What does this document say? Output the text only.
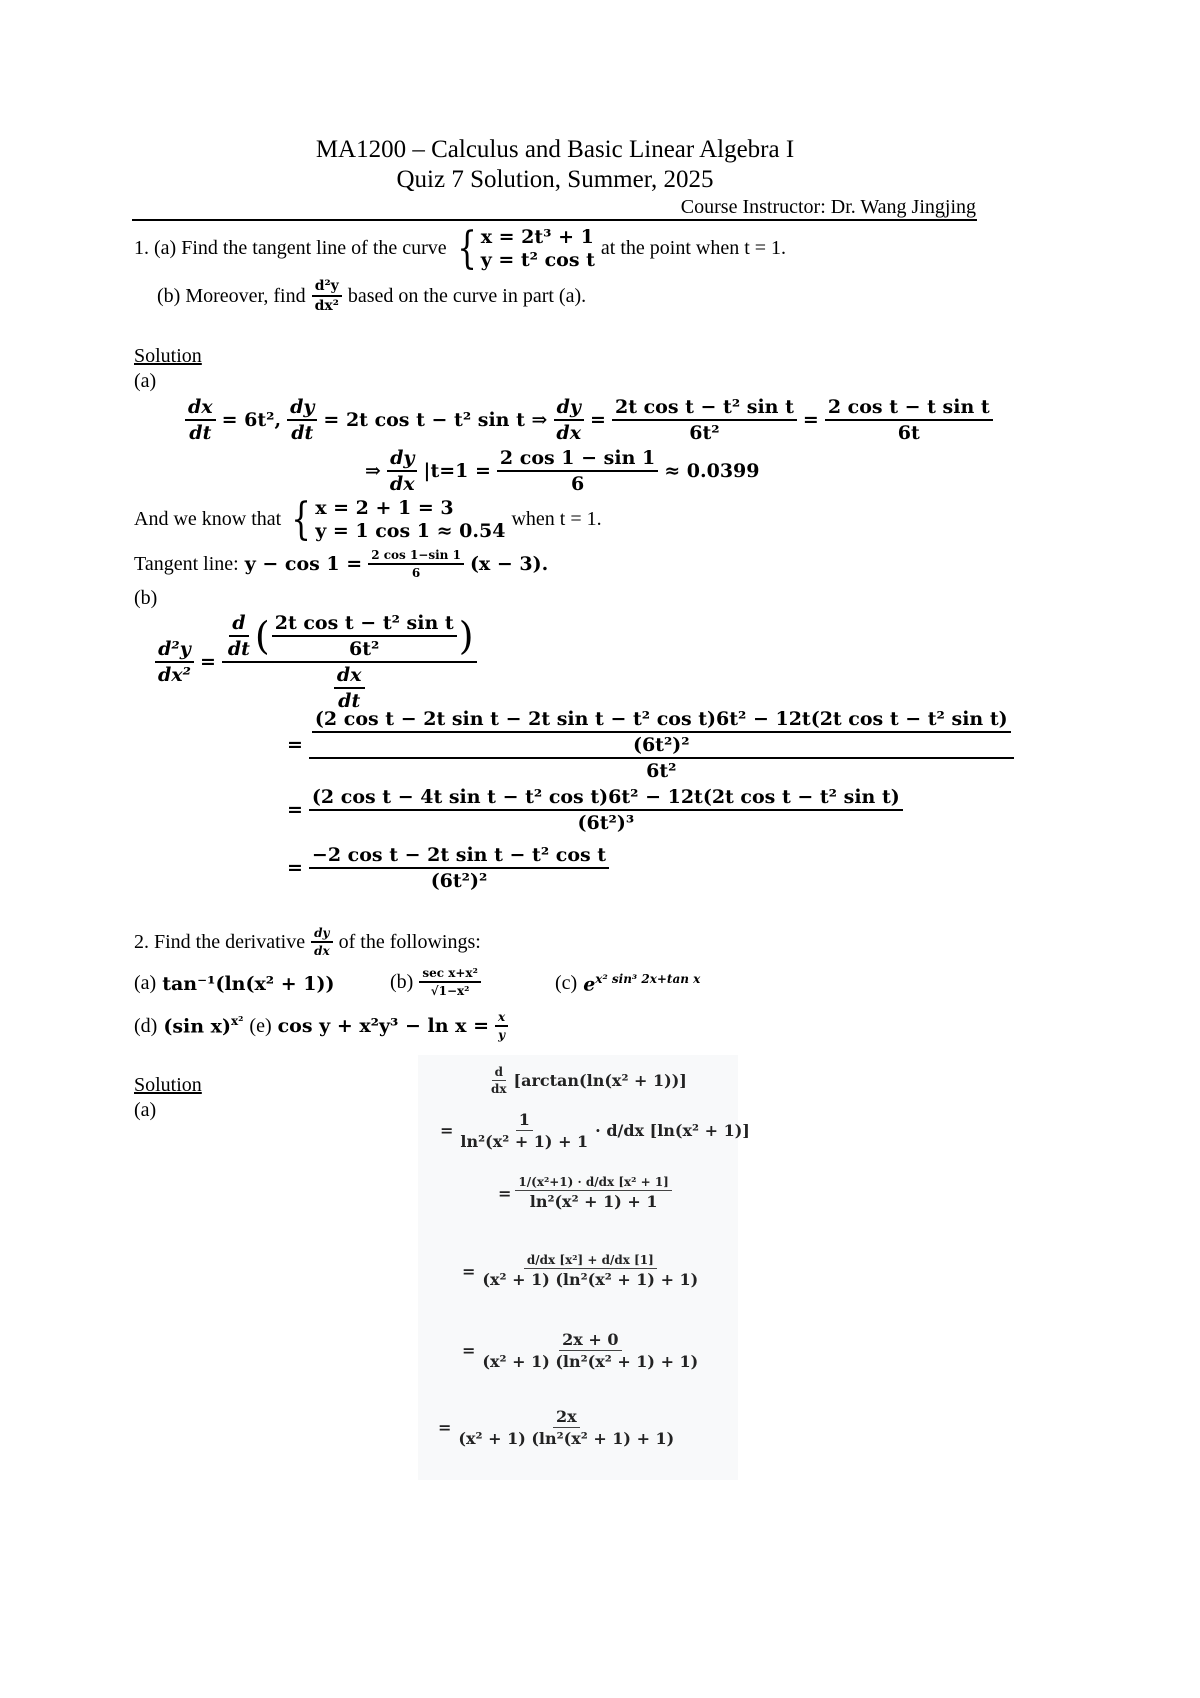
MA1200 – Calculus and Basic Linear Algebra I
Quiz 7 Solution, Summer, 2025
Course Instructor: Dr. Wang Jingjing
1. (a) Find the tangent line of the curve { x = 2t³ + 1
y = t² cos t
at the point when t = 1.
(b) Moreover, find $\frac{\text{d²y}}{\text{dx²}}$ based on the curve in part (a).
Solution
(a)
$\frac{dx}{dt} = 6t^2$, $\frac{dy}{dt} = 2t$ cos t − t² sin t ⇒ $\frac{dy}{dx} = \frac{\text{2t cos t − t² sin t}}{\text{6t²}} = \frac{\text{2 cos t − t sin t}}{6t}$
⇒ $\frac{dy}{dx} |t=1 = \frac{2 \cos 1 - \sin 1}{6} \approx 0.0399$
And we know that { x = 2 + 1 = 3
y = 1 cos 1 ≈ 0.54
when t = 1.
Tangent line: $y - \cos 1 = \frac{2 \cos 1-\sin 1}{6} (x - 3)$.
(b)
$\frac{\text{d²y}}{\text{dx²}} = \frac{\frac{d}{dt} ( \frac{\text{2t cos t − t² sin t}}{\text{6t²}} )}{\frac{dx}{dt}}$
=
(2 cos t − 2t sin t − 2t sin t − t² cos t)6t² − 12t(2t cos t − t² sin t)
(6t²)²
6t²
=
(2 cos t − 4t sin t − t² cos t)6t² − 12t(2t cos t − t² sin t)
(6t²)³
= $\frac{\text{−2 cos t − 2t sin t − t² cos t}}{\text{(6t²)²}}$
2. Find the derivative $\frac{dy}{dx}$ of the followings:
(a) tan⁻¹(ln(x² + 1))	$(b) \frac{\text{sec x+x²}}{\text{√1−x²}}$	(c) $e^{x^2 sin^3 2x+tan x}$
(d) (sin x)$^{x^2}$ (e) $\cos y + x^2y^3 - \ln x = \frac{x}{y}$
Solution
(a)
$\frac{d}{dx} [\arctan(\ln(x^2 + 1))]$
= $\frac{1}{\text{ln²(x² + 1) + 1}} \cdot d/dx$ [ln(x² + 1)]
= $\frac{\text{1/(x²+1) · d/dx [x² + 1]}}{\text{ln²(x² + 1) + 1}}$
= $\frac{\text{d/dx [x²] + d/dx [1]}}{\text{(x² + 1) (ln²(x² + 1) + 1)}}$
= $\frac{2x + 0}{\text{(x² + 1) (ln²(x² + 1) + 1)}}$
= $\frac{2x}{\text{(x² + 1) (ln²(x² + 1) + 1)}}$
